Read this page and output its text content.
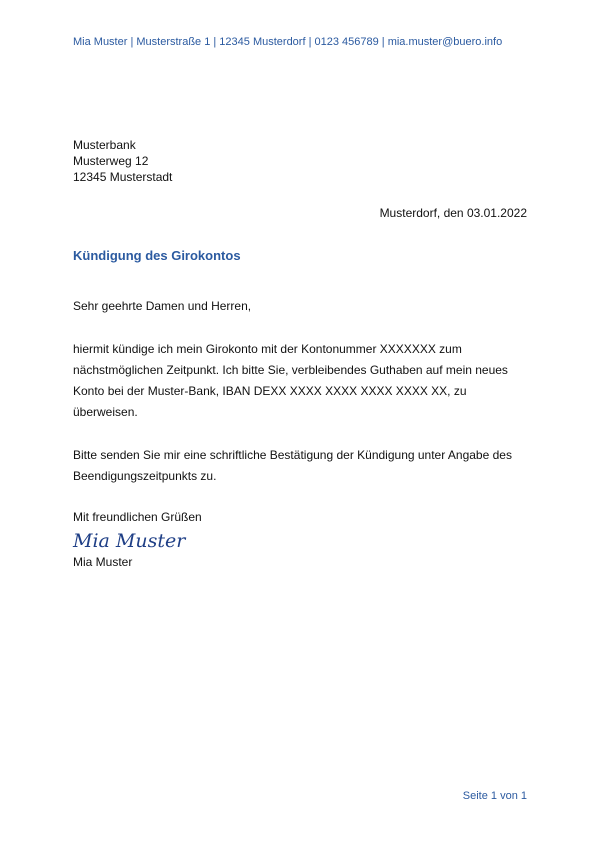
Mia Muster | Musterstraße 1 | 12345 Musterdorf | 0123 456789 | mia.muster@buero.info
Musterbank
Musterweg 12
12345 Musterstadt
Musterdorf, den 03.01.2022
Kündigung des Girokontos
Sehr geehrte Damen und Herren,
hiermit kündige ich mein Girokonto mit der Kontonummer XXXXXXX zum nächstmöglichen Zeitpunkt. Ich bitte Sie, verbleibendes Guthaben auf mein neues Konto bei der Muster-Bank, IBAN DEXX XXXX XXXX XXXX XXXX XX, zu überweisen.
Bitte senden Sie mir eine schriftliche Bestätigung der Kündigung unter Angabe des Beendigungszeitpunkts zu.
Mit freundlichen Grüßen
Mia Muster
Mia Muster
Seite 1 von 1
